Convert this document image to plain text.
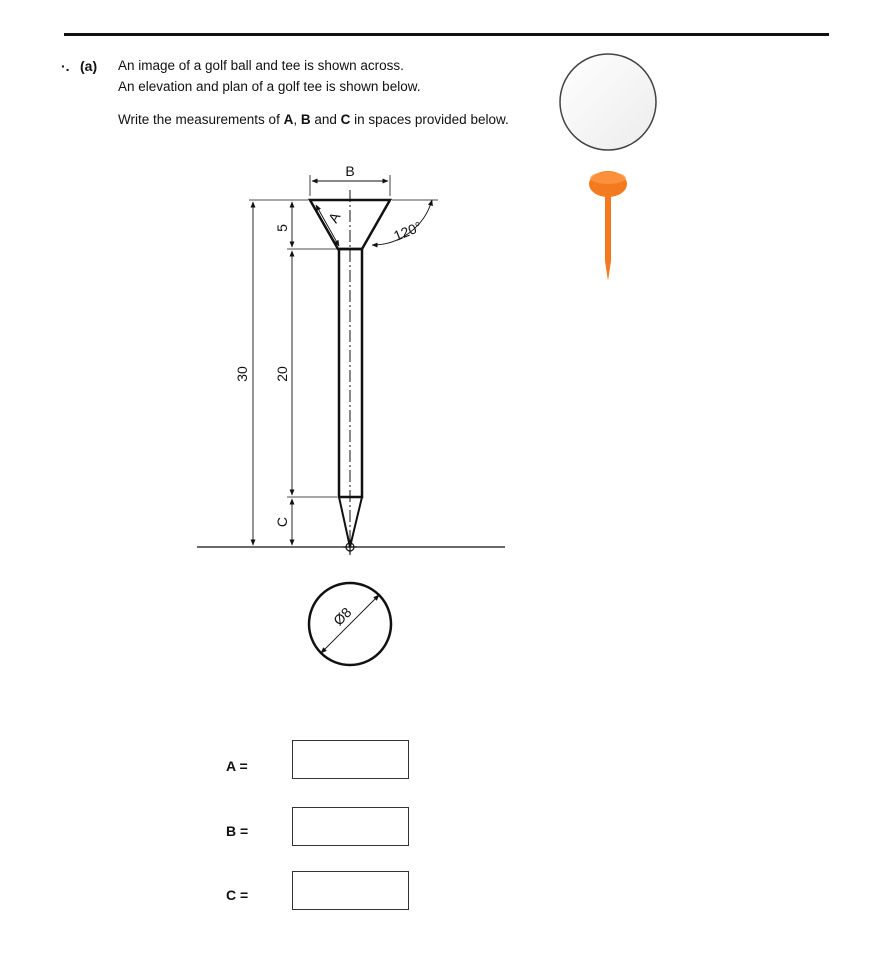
·. (a) An image of a golf ball and tee is shown across.
An elevation and plan of a golf tee is shown below.
Write the measurements of A, B and C in spaces provided below.
B
A
120°
30
5
20
C
Ø8
A =
B =
C =
